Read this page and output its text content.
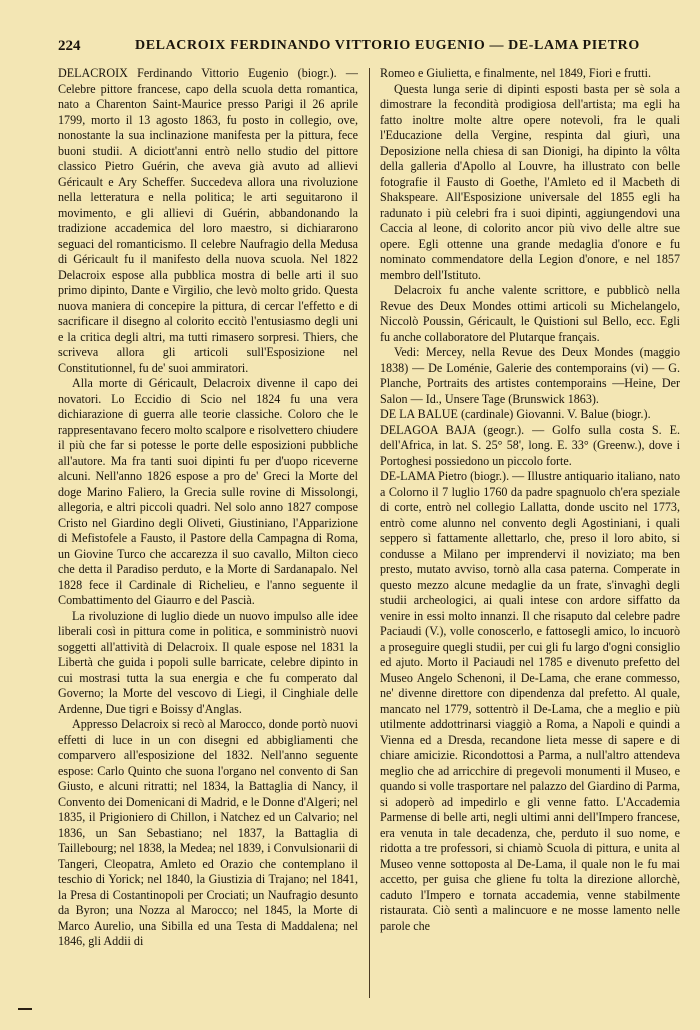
224	DELACROIX FERDINANDO VITTORIO EUGENIO — DE-LAMA PIETRO

DELACROIX Ferdinando Vittorio Eugenio (biogr.). — Celebre pittore francese, capo della scuola detta romantica, nato a Charenton Saint-Maurice presso Parigi il 26 aprile 1799, morto il 13 agosto 1863, fu posto in collegio, ove, nonostante la sua inclinazione manifesta per la pittura, fece buoni studii. A diciott'anni entrò nello studio del pittore classico Pietro Guérin, che aveva già avuto ad allievi Géricault e Ary Scheffer. Succedeva allora una rivoluzione nella letteratura e nella politica; le arti seguitarono il movimento, e gli allievi di Guérin, abbandonando la tradizione accademica del loro maestro, si dichiararono seguaci del romanticismo. Il celebre Naufragio della Medusa di Géricault fu il manifesto della nuova scuola. Nel 1822 Delacroix espose alla pubblica mostra di belle arti il suo primo dipinto, Dante e Virgilio, che levò molto grido. Questa nuova maniera di concepire la pittura, di cercar l'effetto e di sacrificare il disegno al colorito eccitò l'entusiasmo degli uni e la critica degli altri, ma tutti rimasero sorpresi. Thiers, che scriveva allora gli articoli sull'Esposizione nel Constitutionnel, fu de' suoi ammiratori.

Alla morte di Géricault, Delacroix divenne il capo dei novatori. Lo Eccidio di Scio nel 1824 fu una vera dichiarazione di guerra alle teorie classiche. Coloro che le rappresentavano fecero molto scalpore e risolvettero chiudere il più che far si potesse le porte delle esposizioni pubbliche all'autore. Ma fra tanti suoi dipinti fu per d'uopo riceverne alcuni. Nell'anno 1826 espose a pro de' Greci la Morte del doge Marino Faliero, la Grecia sulle rovine di Missolongi, allegoria, e altri piccoli quadri. Nel solo anno 1827 compose Cristo nel Giardino degli Oliveti, Giustiniano, l'Apparizione di Mefistofele a Fausto, il Pastore della Campagna di Roma, un Giovine Turco che accarezza il suo cavallo, Milton cieco che detta il Paradiso perduto, e la Morte di Sardanapalo. Nel 1828 fece il Cardinale di Richelieu, e l'anno seguente il Combattimento del Giaurro e del Pascià.

La rivoluzione di luglio diede un nuovo impulso alle idee liberali così in pittura come in politica, e somministrò nuovi soggetti all'attività di Delacroix. Il quale espose nel 1831 la Libertà che guida i popoli sulle barricate, celebre dipinto in cui mostrasi tutta la sua energia e che fu comperato dal Governo; la Morte del vescovo di Liegi, il Cinghiale delle Ardenne, Due tigri e Boissy d'Anglas.

Appresso Delacroix si recò al Marocco, donde portò nuovi effetti di luce in un con disegni ed abbigliamenti che comparvero all'esposizione del 1832. Nell'anno seguente espose: Carlo Quinto che suona l'organo nel convento di San Giusto, e alcuni ritratti; nel 1834, la Battaglia di Nancy, il Convento dei Domenicani di Madrid, e le Donne d'Algeri; nel 1835, il Prigioniero di Chillon, i Natchez ed un Calvario; nel 1836, un San Sebastiano; nel 1837, la Battaglia di Taillebourg; nel 1838, la Medea; nel 1839, i Convulsionarii di Tangeri, Cleopatra, Amleto ed Orazio che contemplano il teschio di Yorick; nel 1840, la Giustizia di Trajano; nel 1841, la Presa di Costantinopoli per Crociati; un Naufragio desunto da Byron; una Nozza al Marocco; nel 1845, la Morte di Marco Aurelio, una Sibilla ed una Testa di Maddalena; nel 1846, gli Addii di

Romeo e Giulietta, e finalmente, nel 1849, Fiori e frutti.

Questa lunga serie di dipinti esposti basta per sè sola a dimostrare la fecondità prodigiosa dell'artista; ma egli ha fatto inoltre molte altre opere notevoli, fra le quali l'Educazione della Vergine, respinta dal giurì, una Deposizione nella chiesa di san Dionigi, ha dipinto la vôlta della galleria d'Apollo al Louvre, ha illustrato con belle fotografie il Fausto di Goethe, l'Amleto ed il Macbeth di Shakspeare. All'Esposizione universale del 1855 egli ha radunato i più celebri fra i suoi dipinti, aggiungendovi una Caccia al leone, di colorito ancor più vivo delle altre sue opere. Egli ottenne una grande medaglia d'onore e fu nominato commendatore della Legion d'onore, e nel 1857 membro dell'Istituto.

Delacroix fu anche valente scrittore, e pubblicò nella Revue des Deux Mondes ottimi articoli su Michelangelo, Niccolò Poussin, Géricault, le Quistioni sul Bello, ecc. Egli fu anche collaboratore del Plutarque français.

Vedi: Mercey, nella Revue des Deux Mondes (maggio 1838) — De Loménie, Galerie des contemporains (vi) — G. Planche, Portraits des artistes contemporains —Heine, Der Salon — Id., Unsere Tage (Brunswick 1863).

DE LA BALUE (cardinale) Giovanni. V. Balue (biogr.).

DELAGOA BAJA (geogr.). — Golfo sulla costa S. E. dell'Africa, in lat. S. 25° 58', long. E. 33° (Greenw.), dove i Portoghesi possiedono un piccolo forte.

DE-LAMA Pietro (biogr.). — Illustre antiquario italiano, nato a Colorno il 7 luglio 1760 da padre spagnuolo ch'era speziale di corte, entrò nel collegio Lallatta, donde uscito nel 1773, entrò come alunno nel convento degli Agostiniani, i quali seppero sì fattamente allettarlo, che, preso il loro abito, si condusse a Milano per imprendervi il noviziato; ma ben presto, mutato avviso, tornò alla casa paterna. Comperate in questo mezzo alcune medaglie da un frate, s'invaghì degli studii archeologici, ai quali intese con ardore siffatto da venire in essi molto innanzi. Il che risaputo dal celebre padre Paciaudi (V.), volle conoscerlo, e fattosegli amico, lo incuorò a proseguire quegli studii, per cui gli fu largo d'ogni consiglio ed ajuto. Morto il Paciaudi nel 1785 e divenuto prefetto del Museo Angelo Schenoni, il De-Lama, che erane commesso, ne' divenne direttore con dipendenza dal prefetto. Al quale, mancato nel 1779, sottentrò il De-Lama, che a meglio e più utilmente addottrinarsi viaggiò a Roma, a Napoli e quindi a Vienna ed a Dresda, recandone lieta messe di sapere e di chiare amicizie. Ricondottosi a Parma, a null'altro attendeva meglio che ad arricchire di pregevoli monumenti il Museo, e quando si volle trasportare nel palazzo del Giardino di Parma, si adoperò ad impedirlo e gli venne fatto. L'Accademia Parmense di belle arti, negli ultimi anni dell'Impero francese, era venuta in tale decadenza, che, perduto il suo nome, e ridotta a tre professori, si chiamò Scuola di pittura, e unita al Museo venne sottoposta al De-Lama, il quale non le fu mai accetto, per guisa che gliene fu tolta la direzione allorchè, caduto l'Impero e tornata accademia, venne stabilmente ristaurata. Ciò sentì a malincuore e ne mosse lamento nelle parole che
